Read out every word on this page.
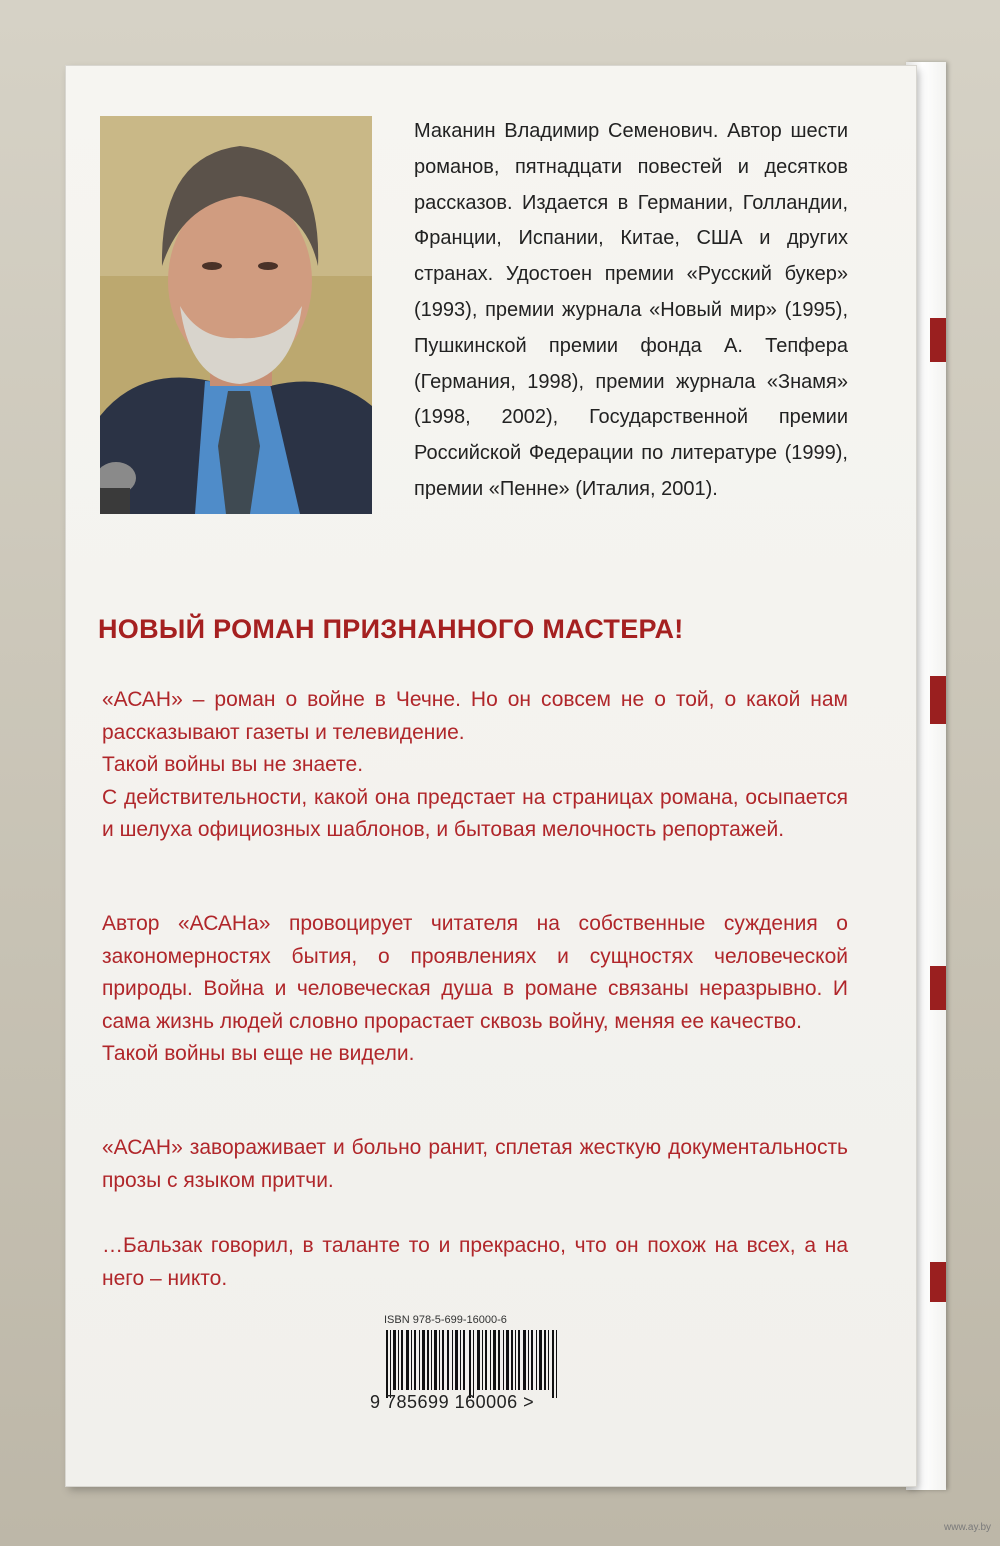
Маканин Владимир Семенович. Автор шести романов, пятнадцати повестей и десятков рассказов. Издается в Германии, Голландии, Франции, Испании, Китае, США и других странах. Удостоен премии «Русский букер» (1993), премии журнала «Новый мир» (1995), Пушкинской премии фонда А. Тепфера (Германия, 1998), премии журнала «Знамя» (1998, 2002), Государственной премии Российской Федерации по литературе (1999), премии «Пенне» (Италия, 2001).

НОВЫЙ РОМАН ПРИЗНАННОГО МАСТЕРА!
«АСАН» – роман о войне в Чечне. Но он совсем не о той, о какой нам рассказывают газеты и телевидение.
Такой войны вы не знаете.
С действительности, какой она предстает на страницах романа, осыпается и шелуха официозных шаблонов, и бытовая мелочность репортажей.
Автор «АСАНа» провоцирует читателя на собственные суждения о закономерностях бытия, о проявлениях и сущностях человеческой природы. Война и человеческая душа в романе связаны неразрывно. И сама жизнь людей словно прорастает сквозь войну, меняя ее качество.
Такой войны вы еще не видели.
«АСАН» завораживает и больно ранит, сплетая жесткую документальность прозы с языком притчи.
…Бальзак говорил, в таланте то и прекрасно, что он похож на всех, а на него – никто.
ISBN 978-5-699-16000-6
9 785699 160006 >
www.ay.by
